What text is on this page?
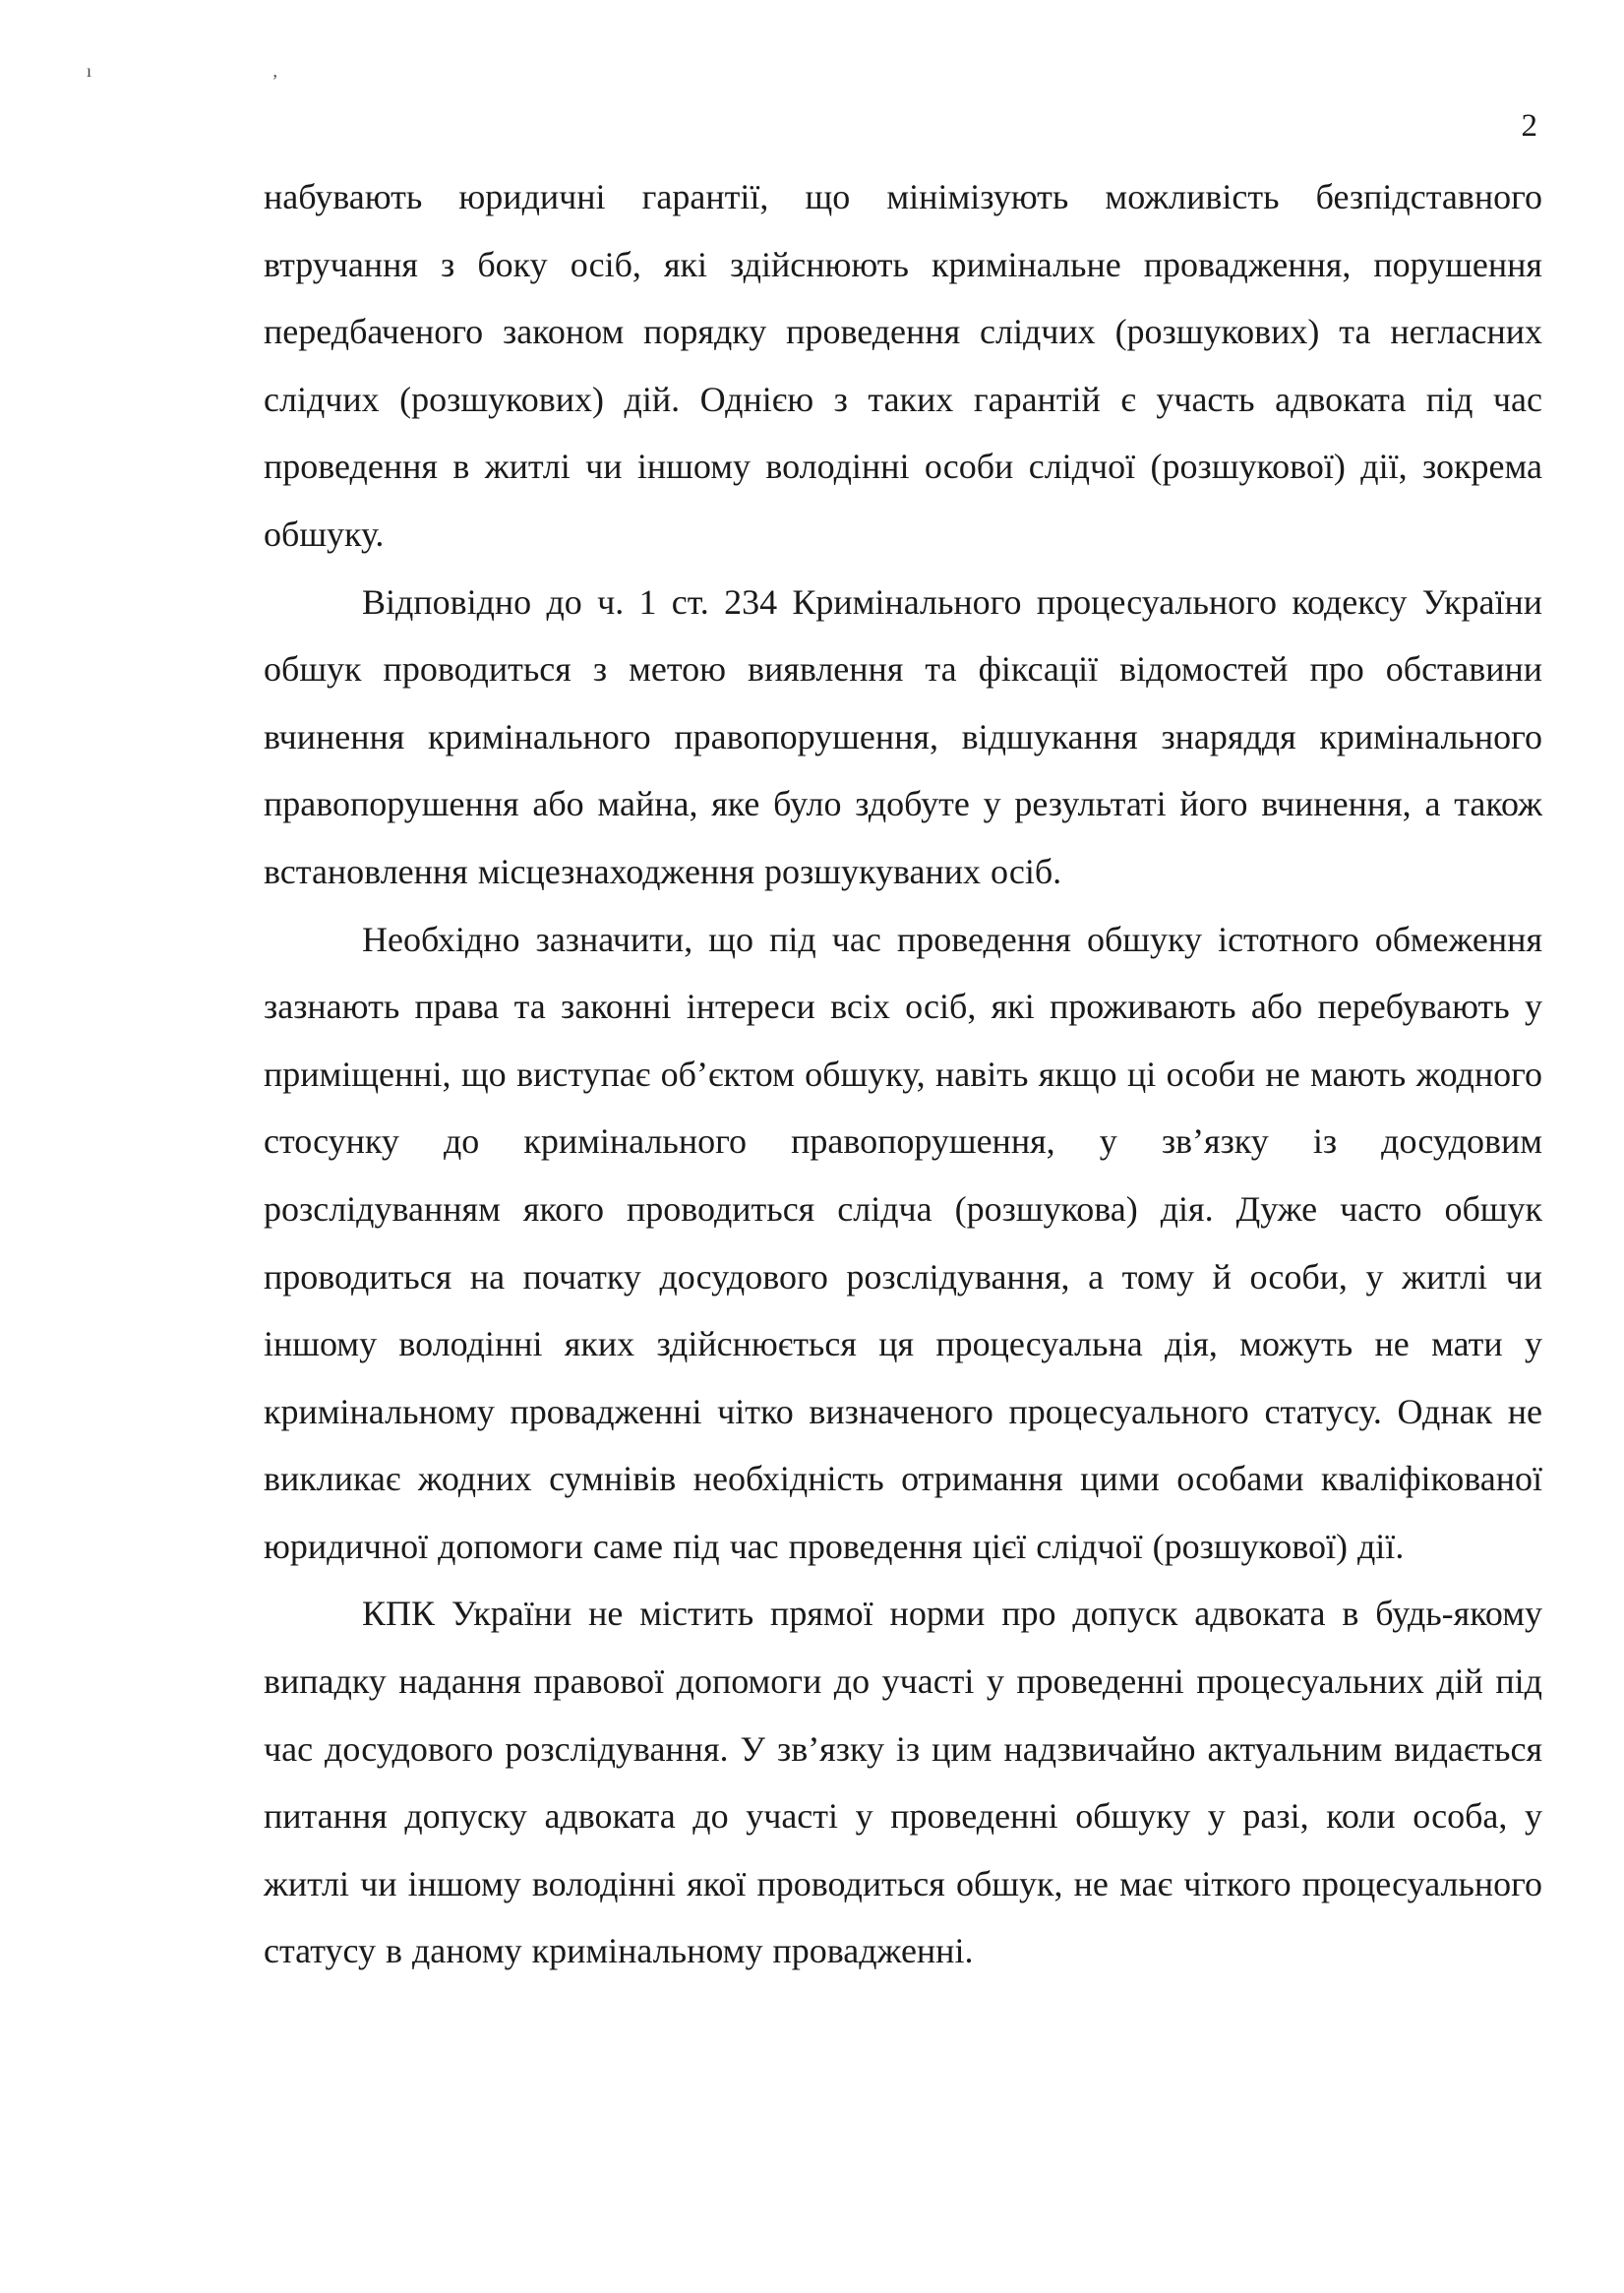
ı ,
2

набувають юридичні гарантії, що мінімізують можливість безпідставного втручання з боку осіб, які здійснюють кримінальне провадження, порушення передбаченого законом порядку проведення слідчих (розшукових) та негласних слідчих (розшукових) дій. Однією з таких гарантій є участь адвоката під час проведення в житлі чи іншому володінні особи слідчої (розшукової) дії, зокрема обшуку.

Відповідно до ч. 1 ст. 234 Кримінального процесуального кодексу України обшук проводиться з метою виявлення та фіксації відомостей про обставини вчинення кримінального правопорушення, відшукання знаряддя кримінального правопорушення або майна, яке було здобуте у результаті його вчинення, а також встановлення місцезнаходження розшукуваних осіб.

Необхідно зазначити, що під час проведення обшуку істотного обмеження зазнають права та законні інтереси всіх осіб, які проживають або перебувають у приміщенні, що виступає об’єктом обшуку, навіть якщо ці особи не мають жодного стосунку до кримінального правопорушення, у зв’язку із досудовим розслідуванням якого проводиться слідча (розшукова) дія. Дуже часто обшук проводиться на початку досудового розслідування, а тому й особи, у житлі чи іншому володінні яких здійснюється ця процесуальна дія, можуть не мати у кримінальному провадженні чітко визначеного процесуального статусу. Однак не викликає жодних сумнівів необхідність отримання цими особами кваліфікованої юридичної допомоги саме під час проведення цієї слідчої (розшукової) дії.

КПК України не містить прямої норми про допуск адвоката в будь-якому випадку надання правової допомоги до участі у проведенні процесуальних дій під час досудового розслідування. У зв’язку із цим надзвичайно актуальним видається питання допуску адвоката до участі у проведенні обшуку у разі, коли особа, у житлі чи іншому володінні якої проводиться обшук, не має чіткого процесуального статусу в даному кримінальному провадженні.
